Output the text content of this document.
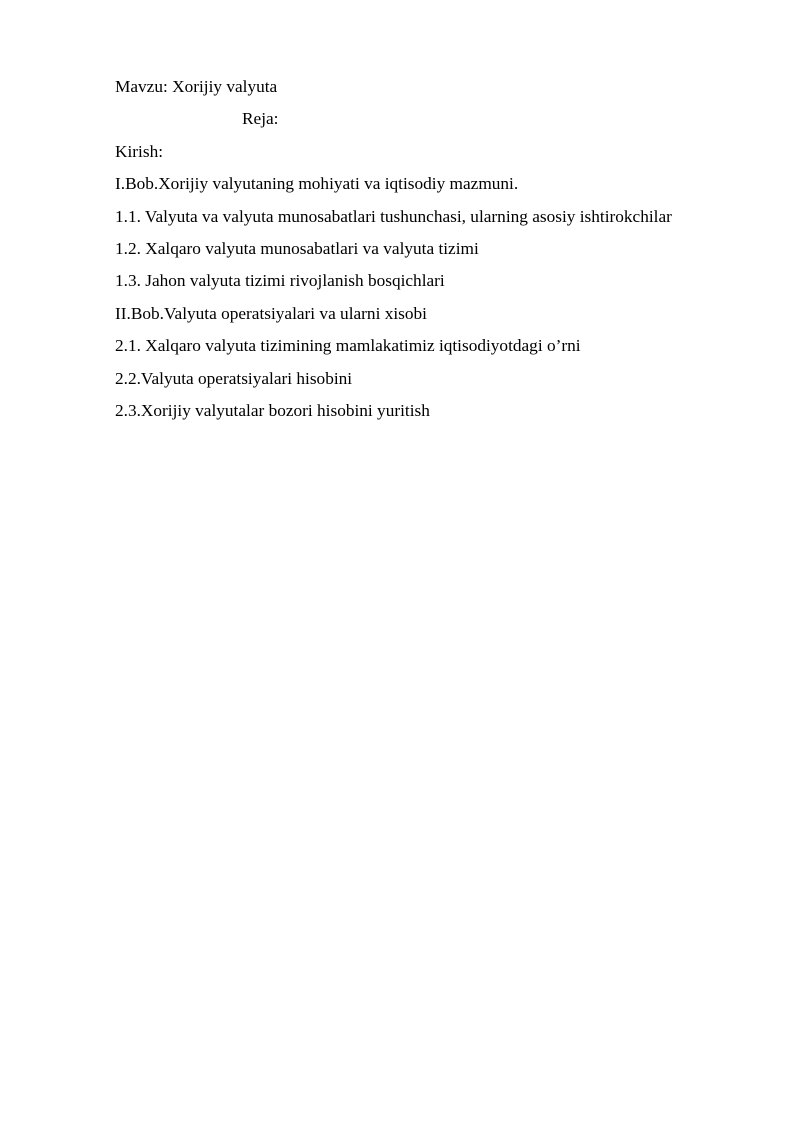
Mavzu: Xorijiy valyuta
Reja:
Kirish:
I.Bob.Xorijiy valyutaning mohiyati va iqtisodiy mazmuni.
1.1. Valyuta va valyuta munosabatlari tushunchasi, ularning asosiy ishtirokchilar
1.2. Xalqaro valyuta munosabatlari va valyuta tizimi
1.3. Jahon valyuta tizimi rivojlanish bosqichlari
II.Bob.Valyuta operatsiyalari va ularni xisobi
2.1. Xalqaro valyuta tizimining mamlakatimiz iqtisodiyotdagi o’rni
2.2.Valyuta operatsiyalari hisobini
2.3.Xorijiy valyutalar bozori hisobini yuritish
